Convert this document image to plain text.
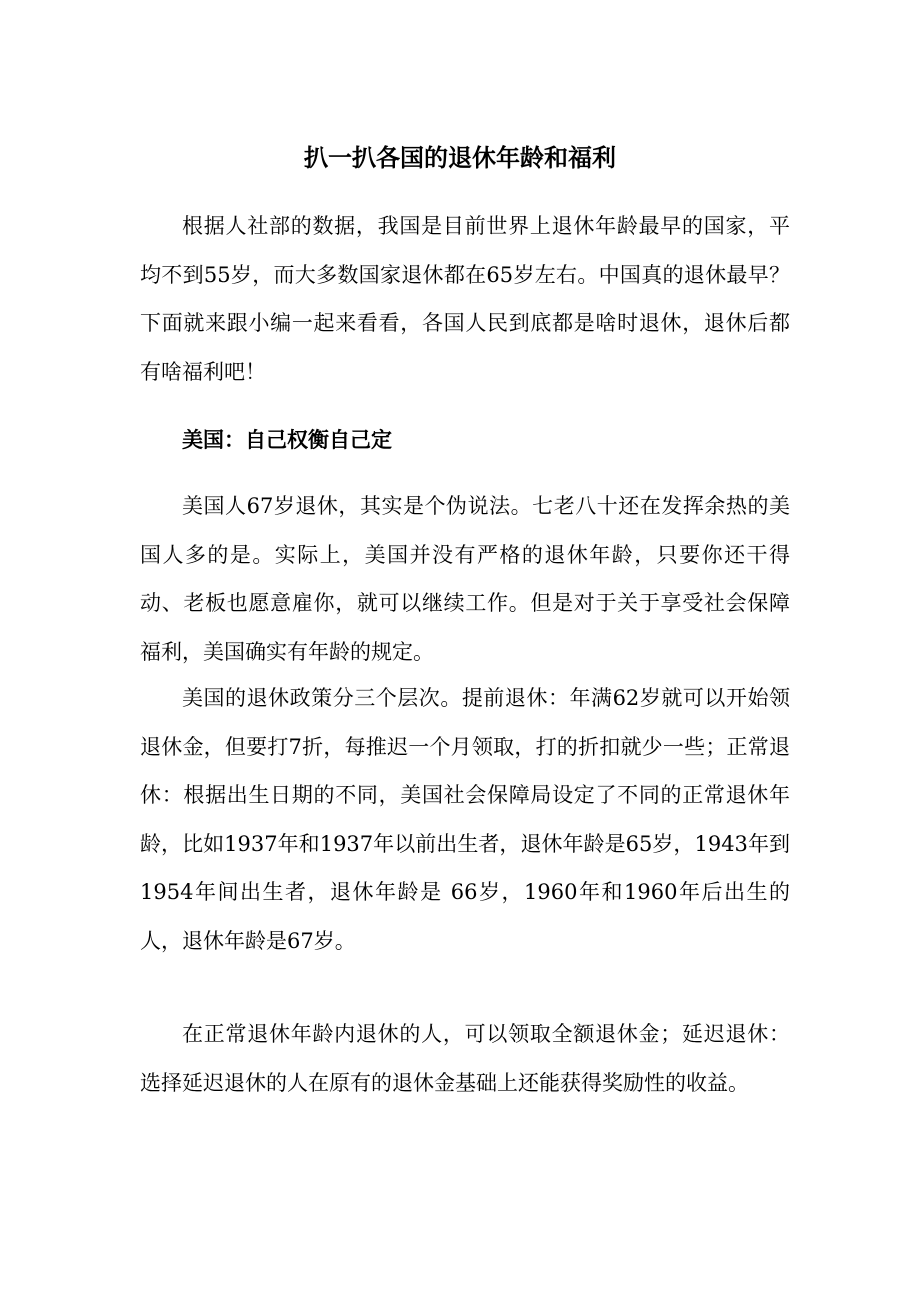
扒一扒各国的退休年龄和福利

根据人社部的数据，我国是目前世界上退休年龄最早的国家，平均不到55岁，而大多数国家退休都在65岁左右。中国真的退休最早？下面就来跟小编一起来看看，各国人民到底都是啥时退休，退休后都有啥福利吧！

美国：自己权衡自己定

美国人67岁退休，其实是个伪说法。七老八十还在发挥余热的美国人多的是。实际上，美国并没有严格的退休年龄，只要你还干得动、老板也愿意雇你，就可以继续工作。但是对于关于享受社会保障福利，美国确实有年龄的规定。

美国的退休政策分三个层次。提前退休：年满62岁就可以开始领退休金，但要打7折，每推迟一个月领取，打的折扣就少一些；正常退休：根据出生日期的不同，美国社会保障局设定了不同的正常退休年龄，比如1937年和1937年以前出生者，退休年龄是65岁，1943年到1954年间出生者，退休年龄是 66岁，1960年和1960年后出生的人，退休年龄是67岁。

在正常退休年龄内退休的人，可以领取全额退休金；延迟退休：选择延迟退休的人在原有的退休金基础上还能获得奖励性的收益。
